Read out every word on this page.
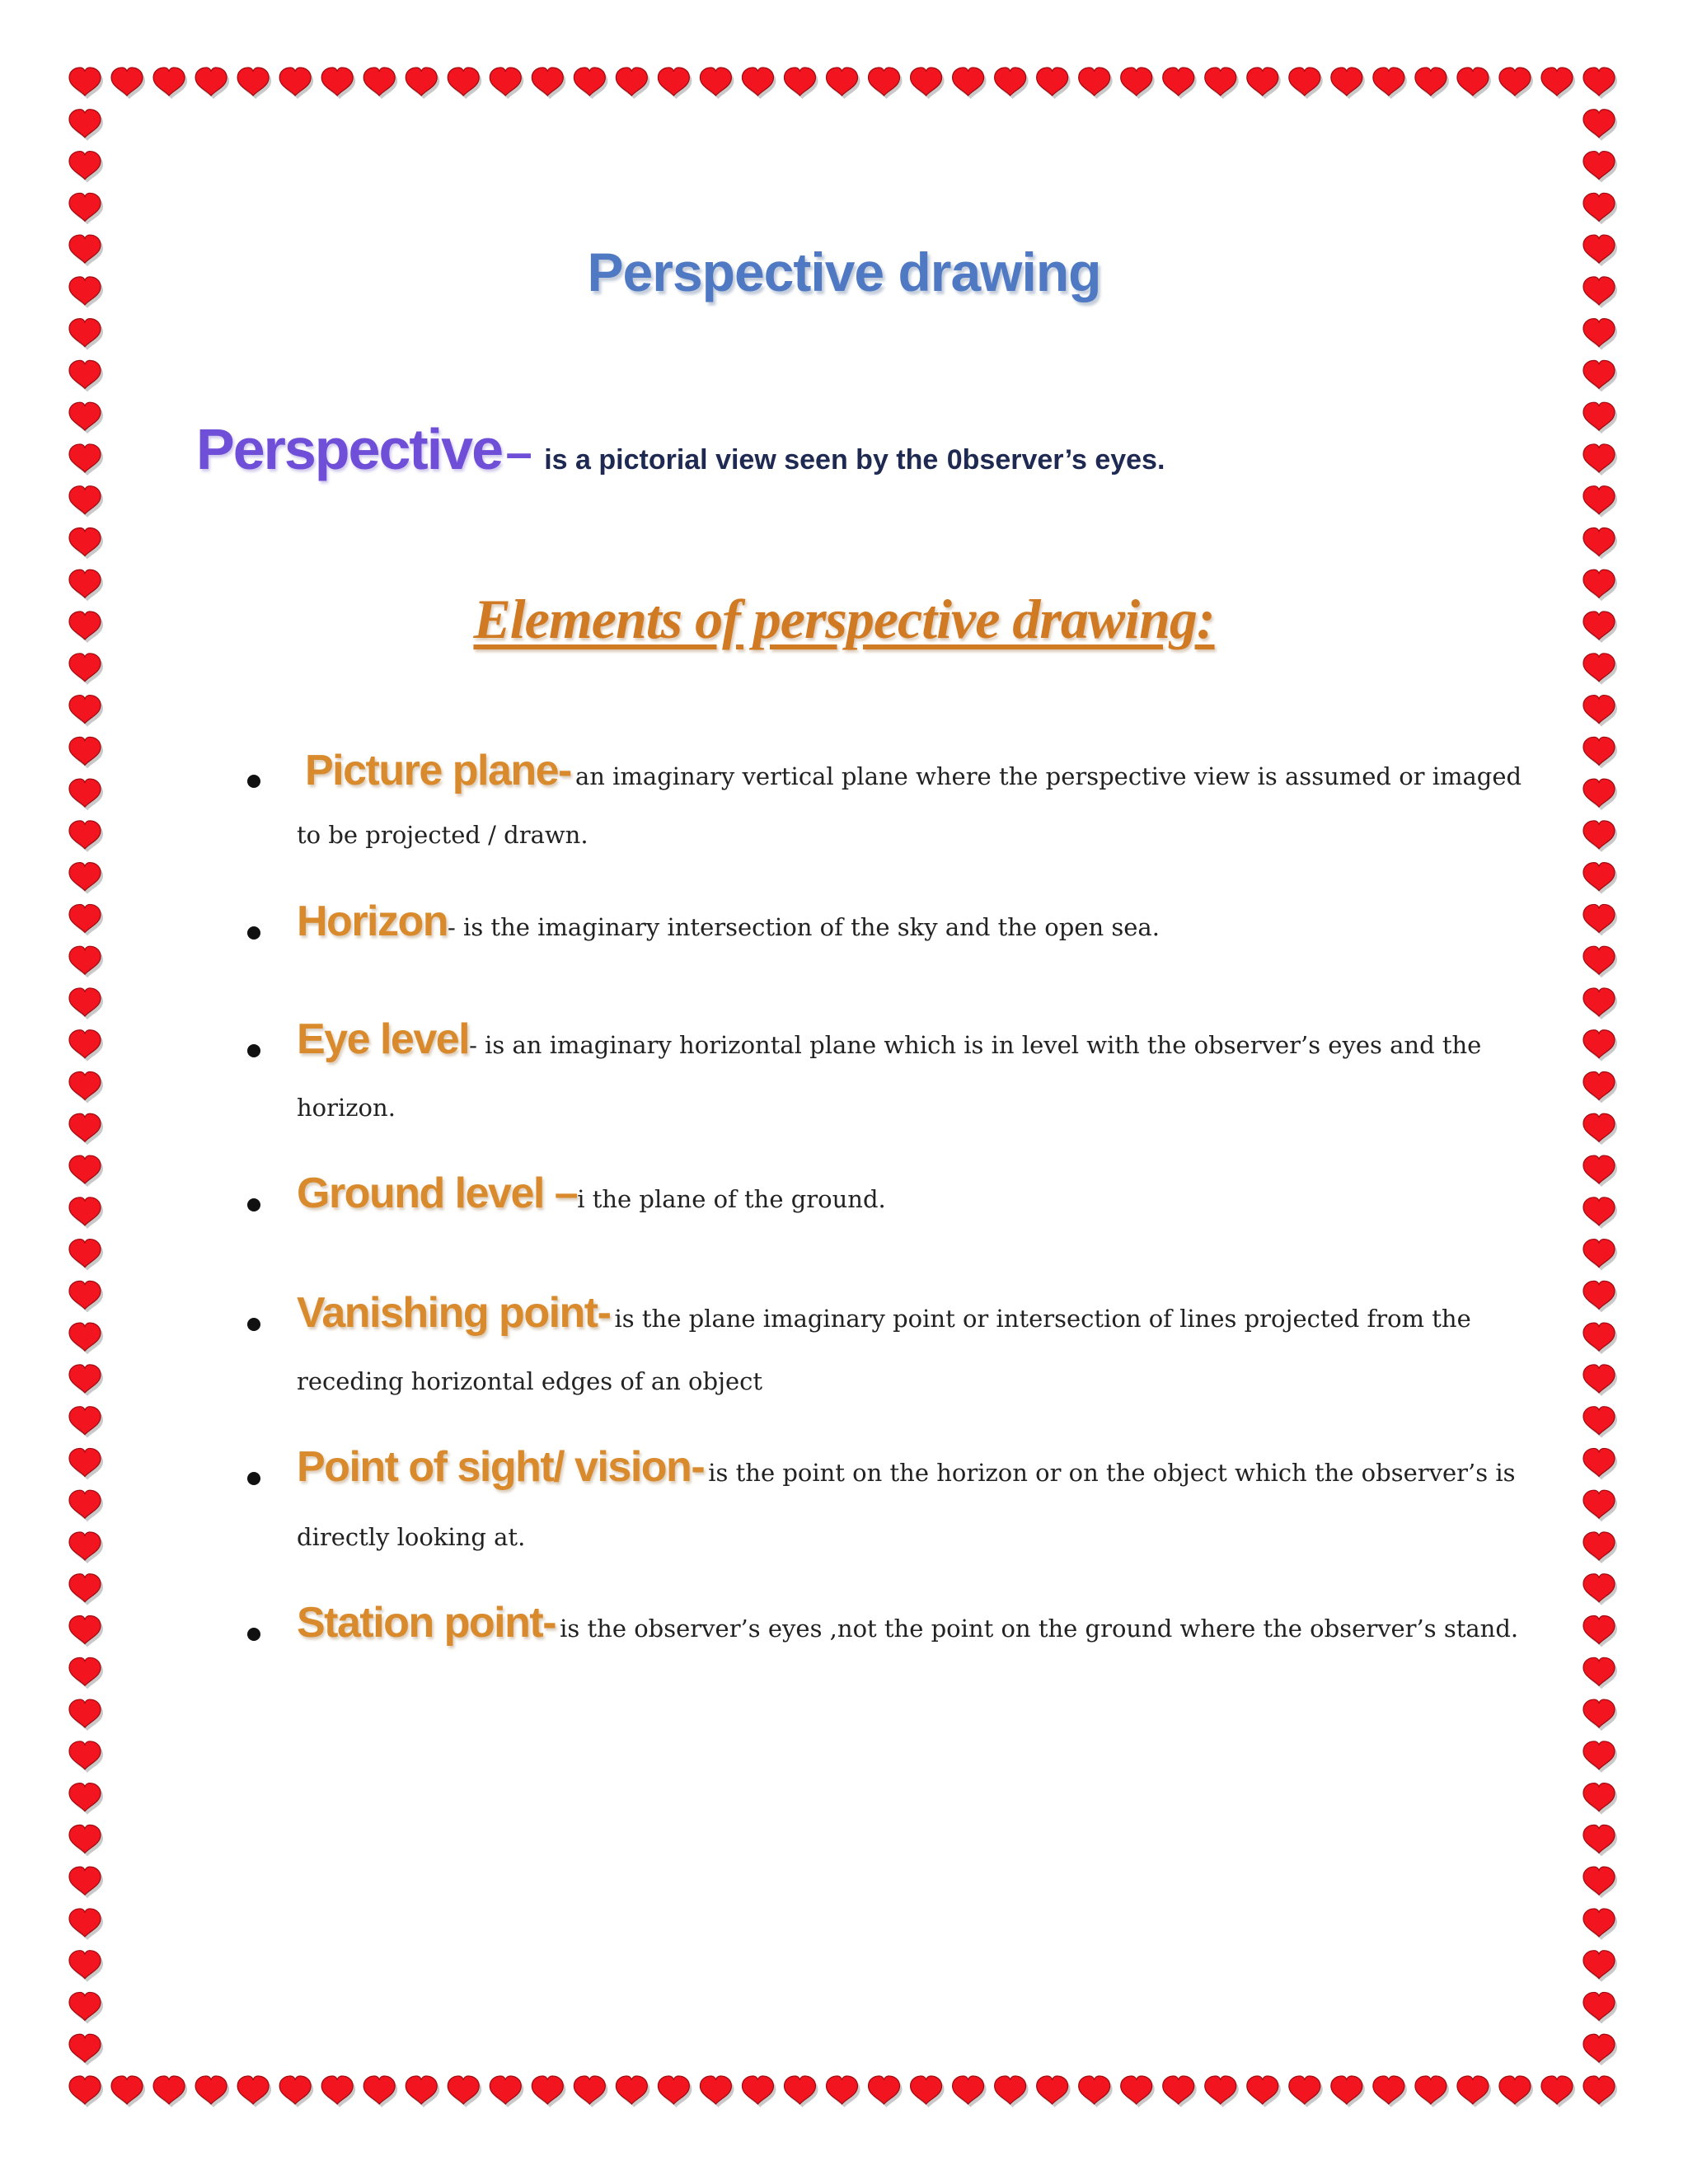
Perspective drawing
Perspective – is a pictorial view seen by the 0bserver’s eyes.
Elements of perspective drawing:
Picture plane- an imaginary vertical plane where the perspective view is assumed or imaged
to be projected / drawn.
Horizon- is the imaginary intersection of the sky and the open sea.
Eye level- is an imaginary horizontal plane which is in level with the observer’s eyes and the
horizon.
Ground level –i the plane of the ground.
Vanishing point- is the plane imaginary point or intersection of lines projected from the
receding horizontal edges of an object
Point of sight/ vision- is the point on the horizon or on the object which the observer’s is
directly looking at.
Station point- is the observer’s eyes ,not the point on the ground where the observer’s stand.
